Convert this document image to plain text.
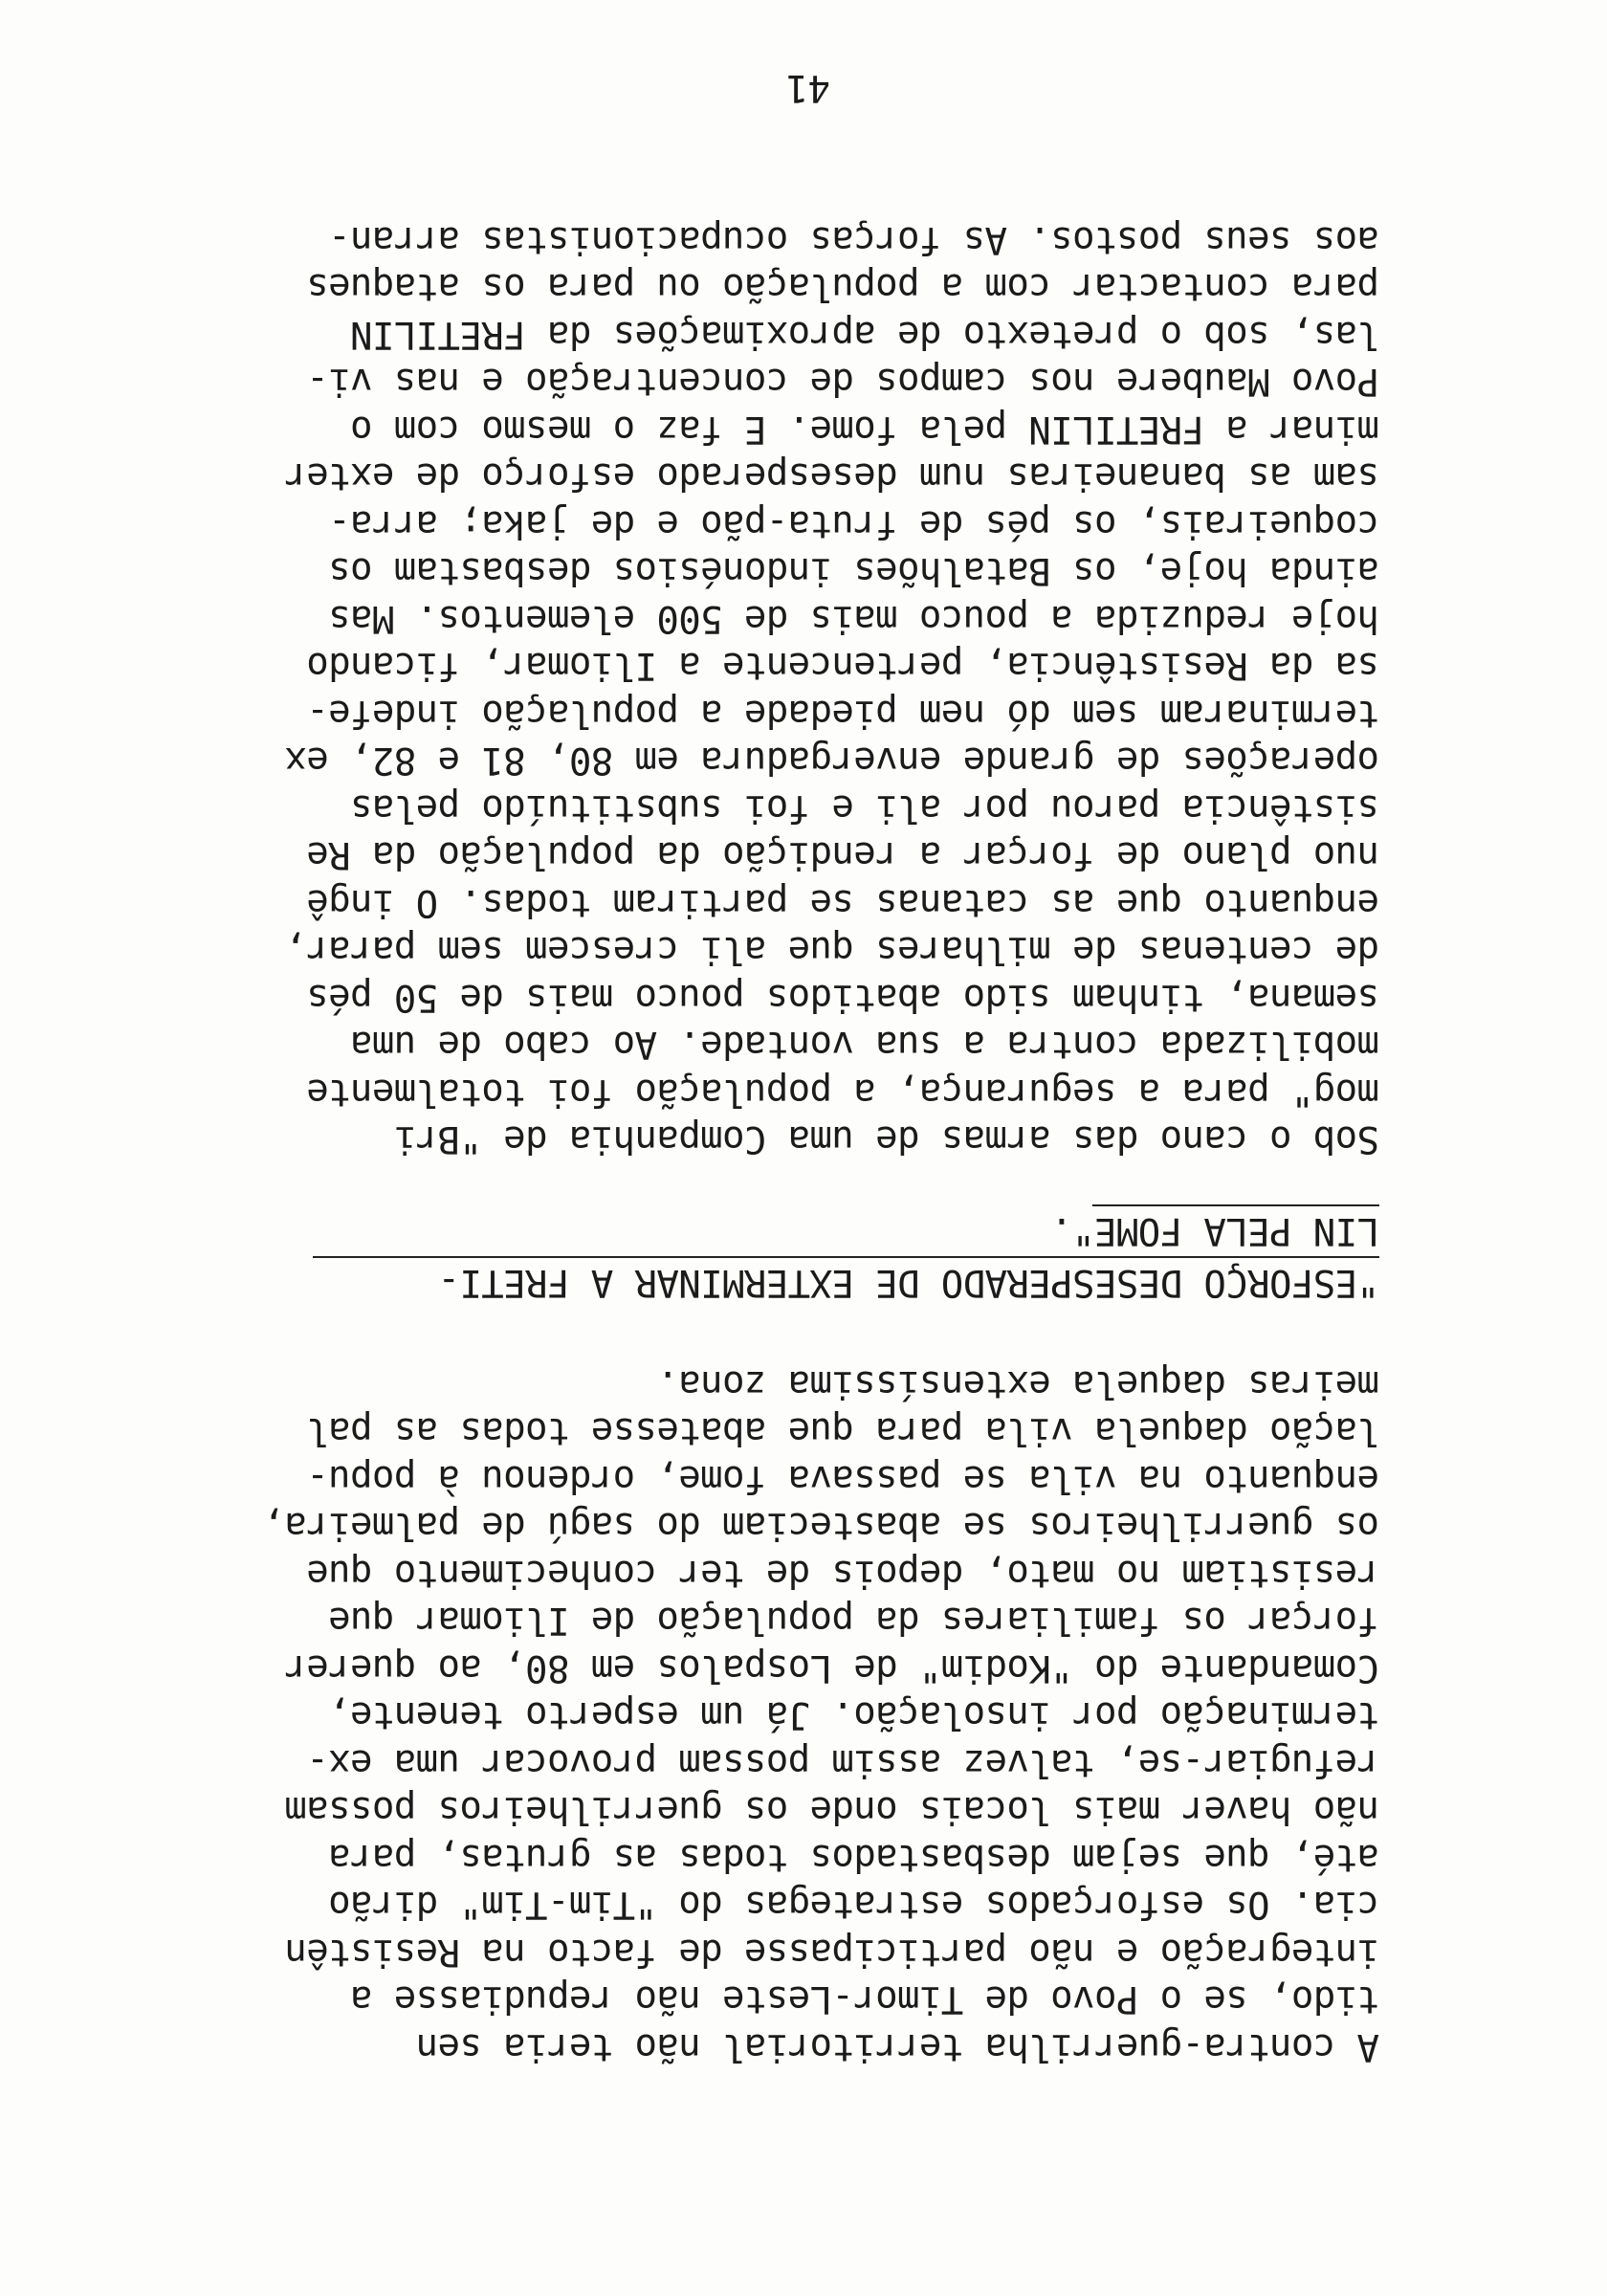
A contra-guerrilha territorial não teria sen
tido, se o Povo de Timor-Leste não repudiasse a
integração e não participasse de facto na Resistên
cia. Os esforçados estrategas do "Tim-Tim" dirão
até, que sejam desbastados todas as grutas, para
não haver mais locais onde os guerrilheiros possam
refugiar-se, talvez assim possam provocar uma ex-
terminação por insolação. Já um esperto tenente,
Comandante do "Kodim" de Lospalos em 80, ao querer
forçar os familiares da população de Iliomar que
resistiam no mato, depois de ter conhecimento que
os guerrilheiros se abasteciam do sagú de palmeira,
enquanto na vila se passava fome, ordenou à popu-
lação daquela vila para que abatesse todas as pal
meiras daquela extensíssima zona.
"ESFORÇO DESESPERADO DE EXTERMINAR A FRETI-
LIN PELA FOME".
Sob o cano das armas de uma Companhia de "Bri
mog" para a segurança, a população foi totalmente
mobilizada contra a sua vontade. Ao cabo de uma
semana, tinham sido abatidos pouco mais de 50 pés
de centenas de milhares que ali crescem sem parar,
enquanto que as catanas se partiram todas. O ingê
nuo plano de forçar a rendição da população da Re
sistência parou por ali e foi substituído pelas
operações de grande envergadura em 80, 81 e 82, ex
terminaram sem dó nem piedade a população indefe-
sa da Resistência, pertencente a Iliomar, ficando
hoje reduzida a pouco mais de 500 elementos. Mas
ainda hoje, os Batalhões indonésios desbastam os
coqueirais, os pés de fruta-pão e de jaka; arra-
sam as bananeiras num desesperado esforço de exter
minar a FRETILIN pela fome. E faz o mesmo com o
Povo Maubere nos campos de concentração e nas vi-
las, sob o pretexto de aproximações da FRETILIN
para contactar com a população ou para os ataques
aos seus postos. As forças ocupacionistas arran-
41
